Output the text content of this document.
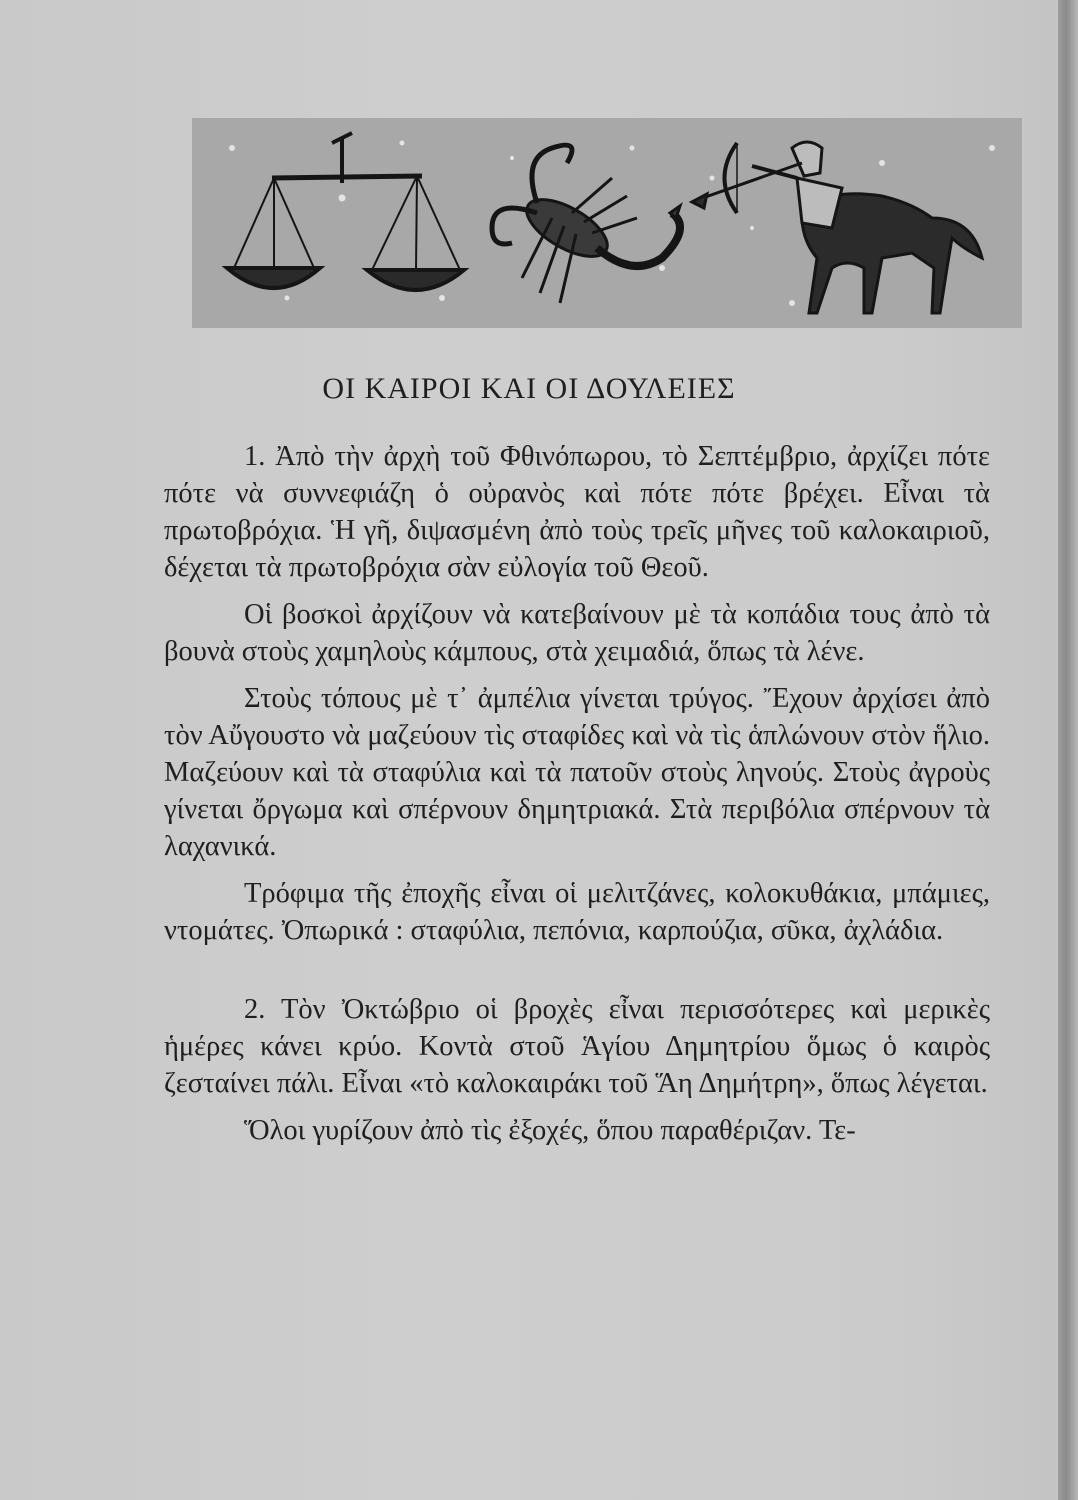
ΟΙ ΚΑΙΡΟΙ ΚΑΙ ΟΙ ΔΟΥΛΕΙΕΣ

1. Ἀπὸ τὴν ἀρχὴ τοῦ Φθινόπωρου, τὸ Σεπτέμβριο, ἀρχίζει πότε πότε νὰ συννεφιάζη ὁ οὐρανὸς καὶ πότε πότε βρέχει. Εἶναι τὰ πρωτοβρόχια. Ἡ γῆ, διψασμένη ἀπὸ τοὺς τρεῖς μῆνες τοῦ καλοκαιριοῦ, δέχεται τὰ πρωτοβρόχια σὰν εὐλογία τοῦ Θεοῦ.

Οἱ βοσκοὶ ἀρχίζουν νὰ κατεβαίνουν μὲ τὰ κοπάδια τους ἀπὸ τὰ βουνὰ στοὺς χαμηλοὺς κάμπους, στὰ χειμαδιά, ὅπως τὰ λένε.

Στοὺς τόπους μὲ τ᾿ ἀμπέλια γίνεται τρύγος. Ἔχουν ἀρχίσει ἀπὸ τὸν Αὔγουστο νὰ μαζεύουν τὶς σταφίδες καὶ νὰ τὶς ἁπλώνουν στὸν ἥλιο. Μαζεύουν καὶ τὰ σταφύλια καὶ τὰ πατοῦν στοὺς ληνούς. Στοὺς ἀγροὺς γίνεται ὄργωμα καὶ σπέρνουν δημητριακά. Στὰ περιβόλια σπέρνουν τὰ λαχανικά.

Τρόφιμα τῆς ἐποχῆς εἶναι οἱ μελιτζάνες, κολοκυθάκια, μπάμιες, ντομάτες. Ὀπωρικά : σταφύλια, πεπόνια, καρπούζια, σῦκα, ἀχλάδια.

2. Τὸν Ὀκτώβριο οἱ βροχὲς εἶναι περισσότερες καὶ μερικὲς ἡμέρες κάνει κρύο. Κοντὰ στοῦ Ἁγίου Δημητρίου ὅμως ὁ καιρὸς ζεσταίνει πάλι. Εἶναι «τὸ καλοκαιράκι τοῦ Ἅη Δημήτρη», ὅπως λέγεται.

Ὅλοι γυρίζουν ἀπὸ τὶς ἐξοχές, ὅπου παραθέριζαν. Τε-
